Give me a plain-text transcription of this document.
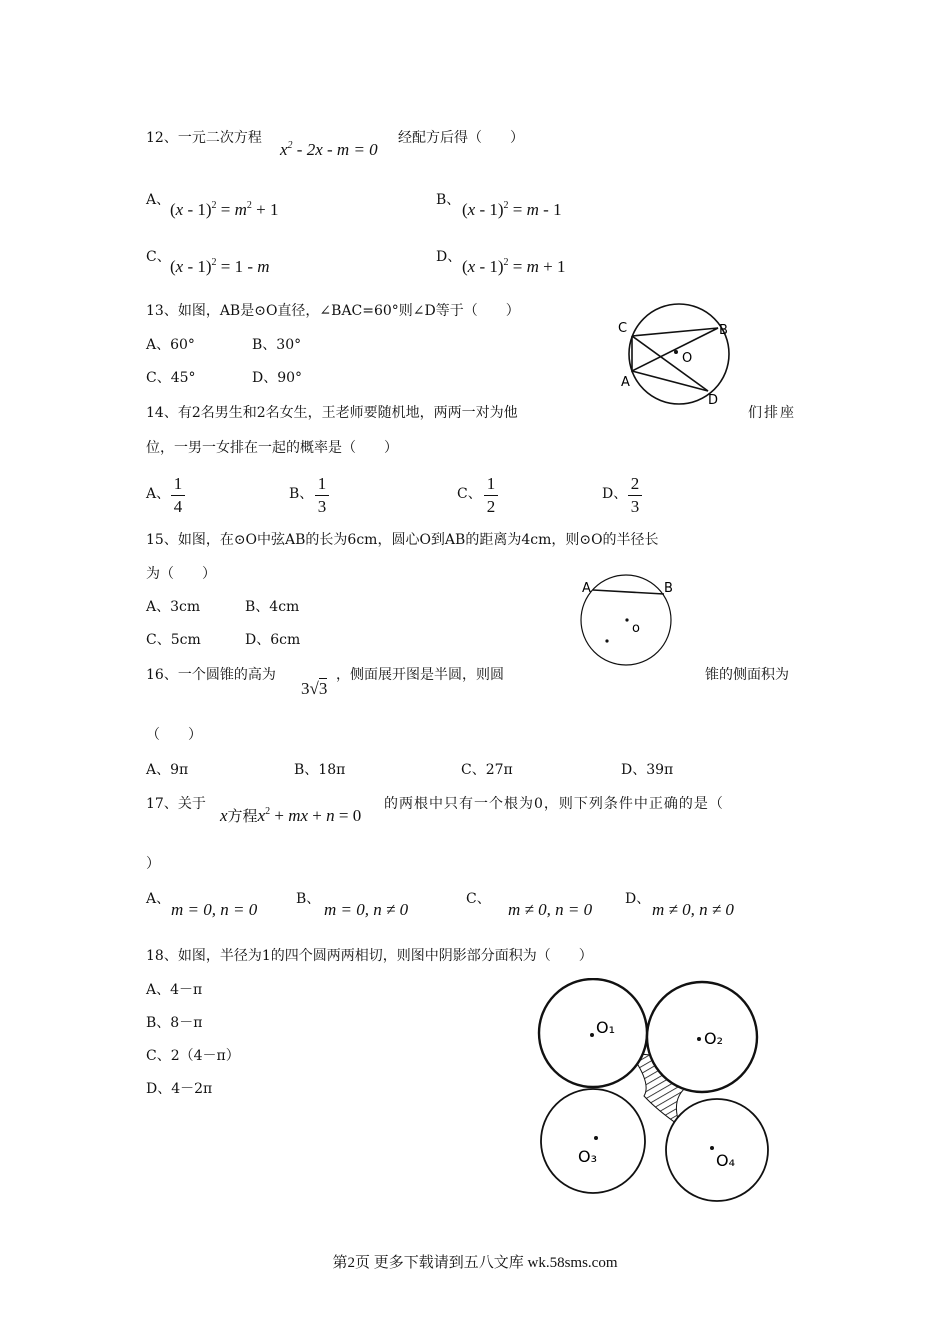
12、一元二次方程
$x^2 - 2x - m = 0$
经配方后得（　　）
A、 $(x - 1)^2 = m^2 + 1$	B、 (x - 1)$^2$ = m - 1
C、 (x - 1)$^2$ = 1 - m	D、 (x - 1)$^2$ = m + 1
13、如图，AB是⊙O直径，∠BAC=60°则∠D等于（　　）
A、60°	B、30°
C、45°	D、90°
C	B
O
A
D
14、有2名男生和2名女生，王老师要随机地，两两一对为他	们排座
位，一男一女排在一起的概率是（　　）
A、
1
4
B、
1
3
C、
1
2
D、
2
3
15、如图，在⊙O中弦AB的长为6cm，圆心O到AB的距离为4cm，则⊙O的半径长
为（　　）
A、3cm	B、4cm
C、5cm	D、6cm
A	B
o
16、一个圆锥的高为
3√3
，侧面展开图是半圆，则圆	锥的侧面积为
（　　）
A、9π	B、18π	C、27π	D、39π
17、关于
x方程$x^2$ + mx + n = 0
的两根中只有一个根为0，则下列条件中正确的是（
）
A、
m = 0, n = 0
B、
m = 0, n ≠ 0
C、
m ≠ 0, n = 0
D、
m ≠ 0, n ≠ 0
18、如图，半径为1的四个圆两两相切，则图中阴影部分面积为（　　）
A、4－π
B、8－π
C、2（4－π）
D、4－2π
O₁
O₂
O₃	O₄
第2页 更多下载请到五八文库 wk.58sms.com
